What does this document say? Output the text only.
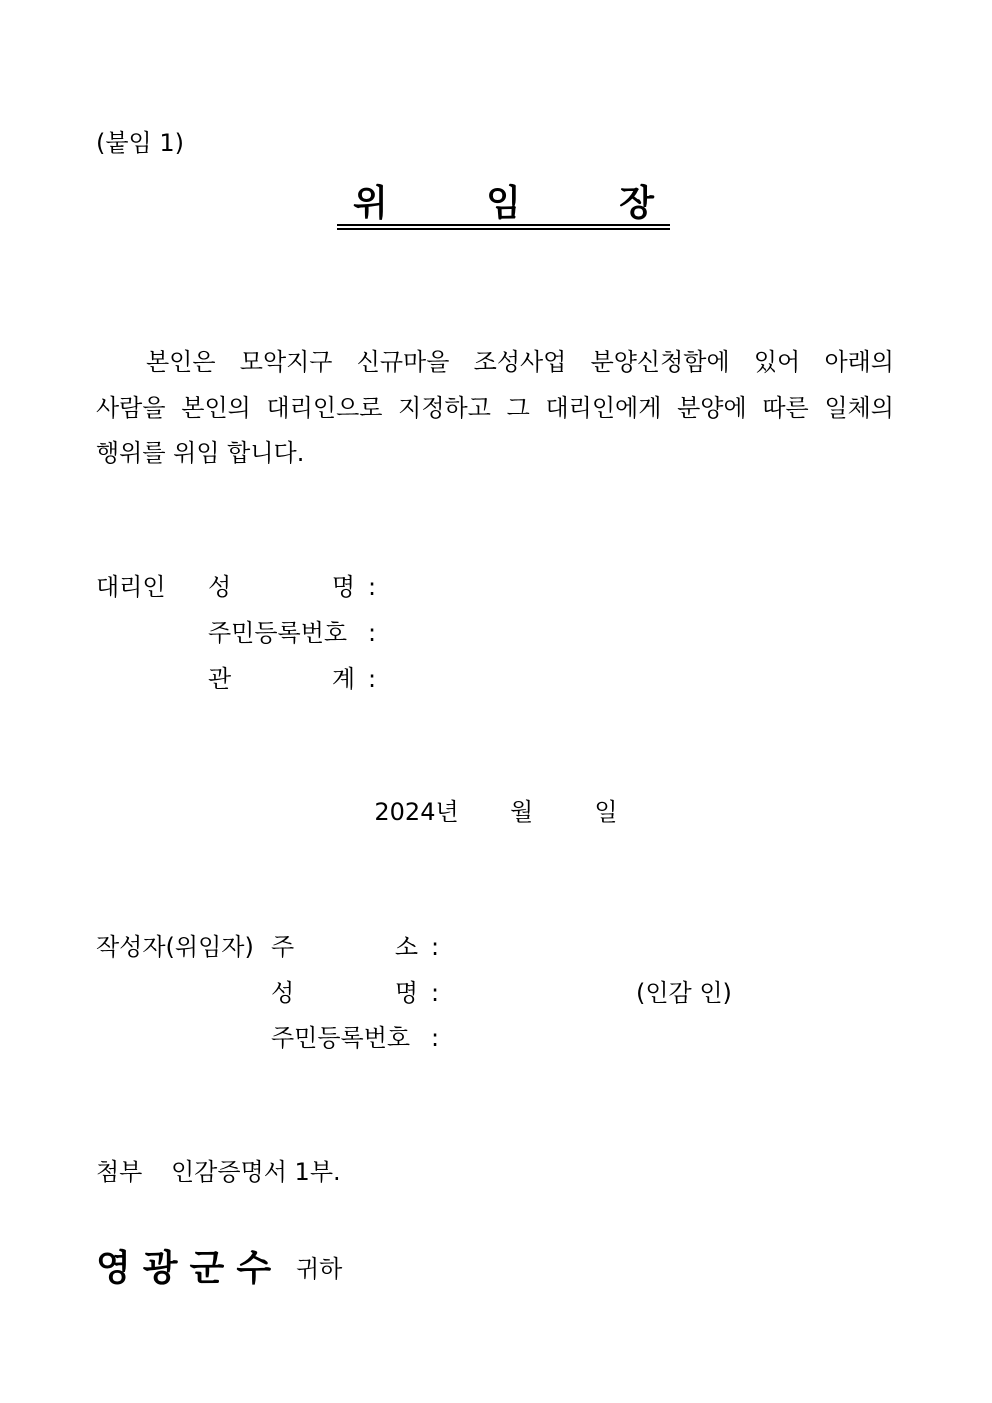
(붙임 1)
위	임	장
본인은 모악지구 신규마을 조성사업 분양신청함에 있어 아래의
사람을 본인의 대리인으로 지정하고 그 대리인에게 분양에 따른 일체의
행위를 위임 합니다.
대리인 성	명 :
주민등록번호 :
관	계 :
2024년 월	일
작성자(위임자) 주	소 :
성	명 :	(인감 인)
주민등록번호 :
첨부 인감증명서 1부.
영광군수 귀하
